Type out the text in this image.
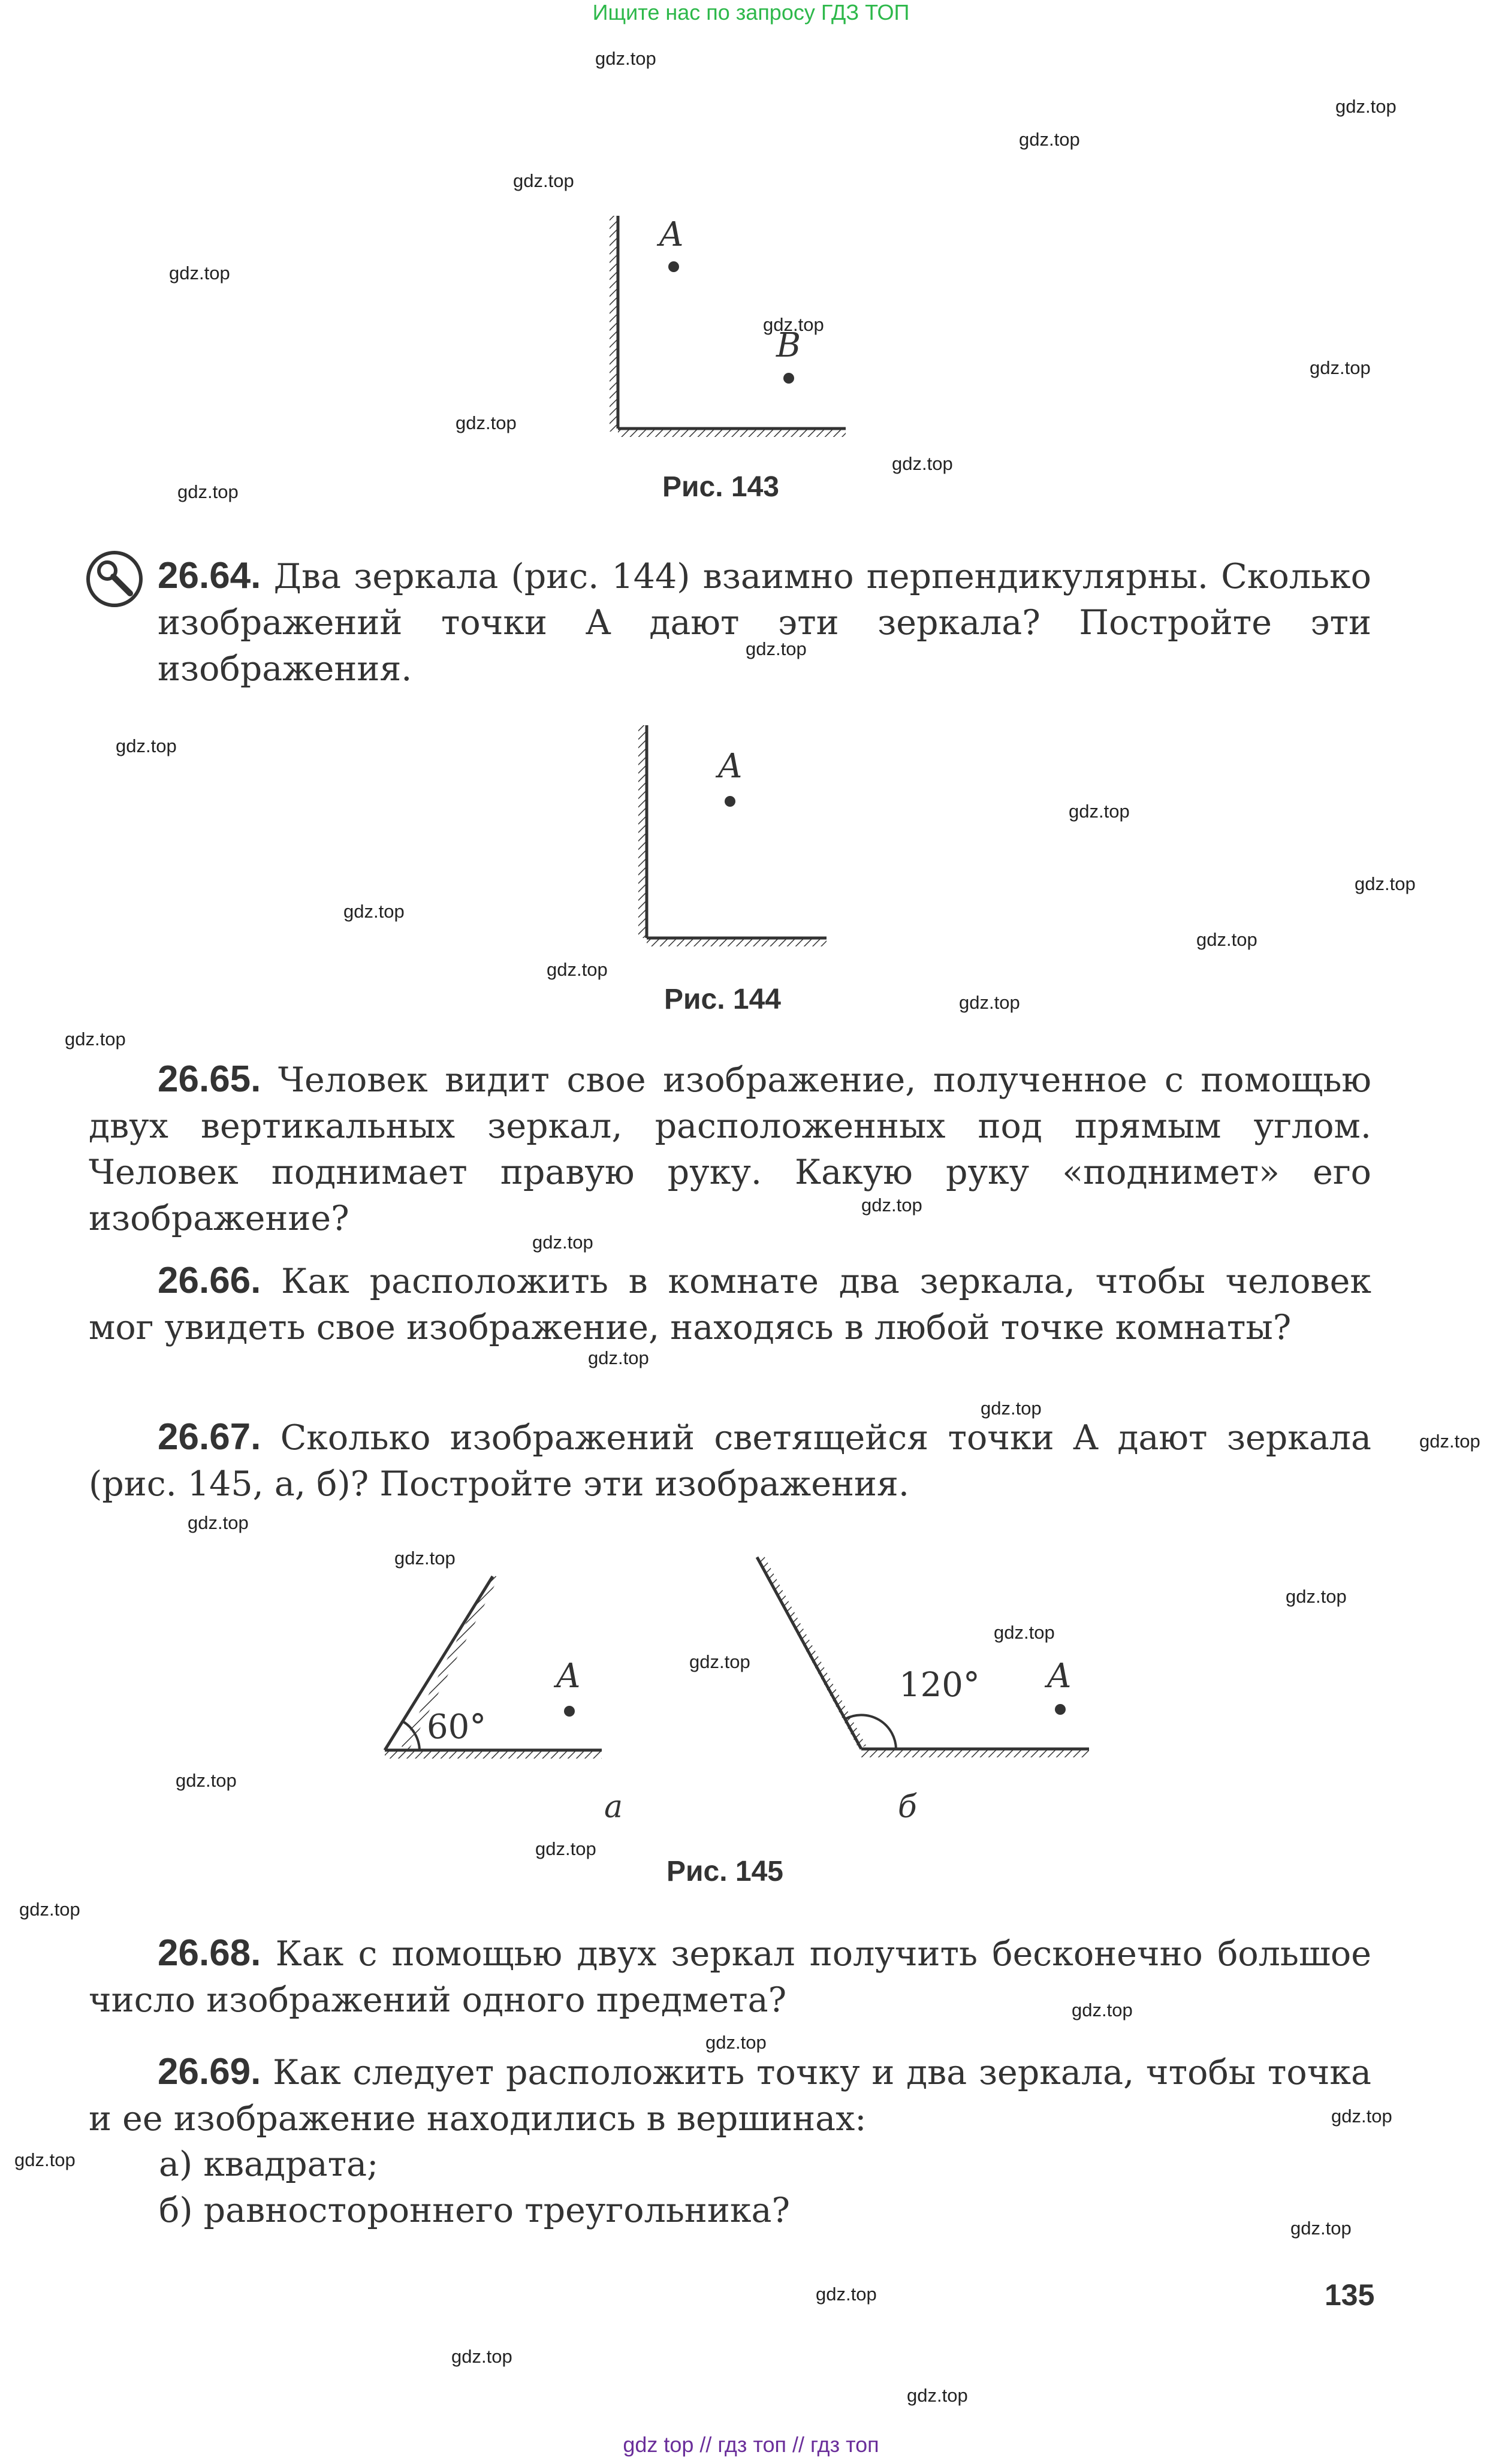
Ищите нас по запросу ГДЗ ТОП
A
B
Рис. 143
26.64. Два зеркала (рис. 144) взаимно перпендикулярны. Сколько изображений точки A дают эти зеркала? Постройте эти изображения.
A
Рис. 144
26.65. Человек видит свое изображение, полученное с помощью двух вертикальных зеркал, расположенных под прямым углом. Человек поднимает правую руку. Какую руку «поднимет» его изображение?
26.66. Как расположить в комнате два зеркала, чтобы человек мог увидеть свое изображение, находясь в любой точке комнаты?
26.67. Сколько изображений светящейся точки A дают зеркала (рис. 145, а, б)? Постройте эти изображения.
60°
A
а
120° A
б
Рис. 145
26.68. Как с помощью двух зеркал получить бесконечно большое число изображений одного предмета?
26.69. Как следует расположить точку и два зеркала, чтобы точка и ее изображение находились в вершинах:
а) квадрата;
б) равностороннего треугольника?
135
gdz.top
gdz.top
gdz.top
gdz.top
gdz.top
gdz.top
gdz.top
gdz.top
gdz.top
gdz.top
gdz.top
gdz.top
gdz.top
gdz.top
gdz.top
gdz.top
gdz.top
gdz.top
gdz.top
gdz.top
gdz.top
gdz.top
gdz.top
gdz.top
gdz.top
gdz.top
gdz.top
gdz.top
gdz.top
gdz.top
gdz.top
gdz.top
gdz.top
gdz.top
gdz.top
gdz.top
gdz.top
gdz.top
gdz.top
gdz.top
gdz top // гдз топ // гдз топ
